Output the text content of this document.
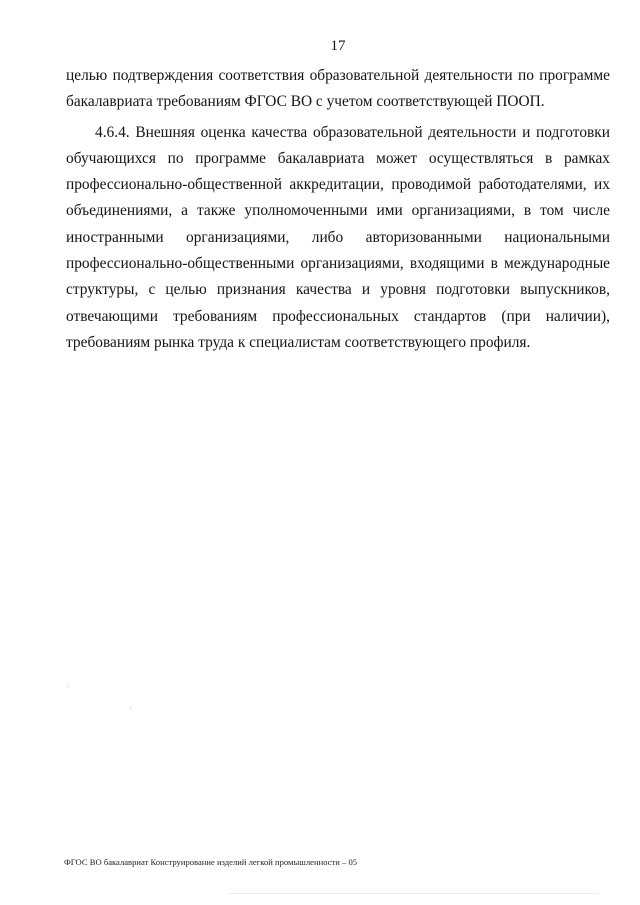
17
целью подтверждения соответствия образовательной деятельности по программе
бакалавриата требованиям ФГОС ВО с учетом соответствующей ПООП.
4.6.4. Внешняя оценка качества образовательной деятельности и подготовки
обучающихся по программе бакалавриата может осуществляться в рамках
профессионально-общественной аккредитации, проводимой работодателями, их
объединениями, а также уполномоченными ими организациями, в том числе
иностранными организациями, либо авторизованными национальными
профессионально-общественными организациями, входящими в международные
структуры, с целью признания качества и уровня подготовки выпускников,
отвечающими требованиям профессиональных стандартов (при наличии),
требованиям рынка труда к специалистам соответствующего профиля.
ФГОС ВО бакалавриат Конструирование изделий легкой промышленности – 05
